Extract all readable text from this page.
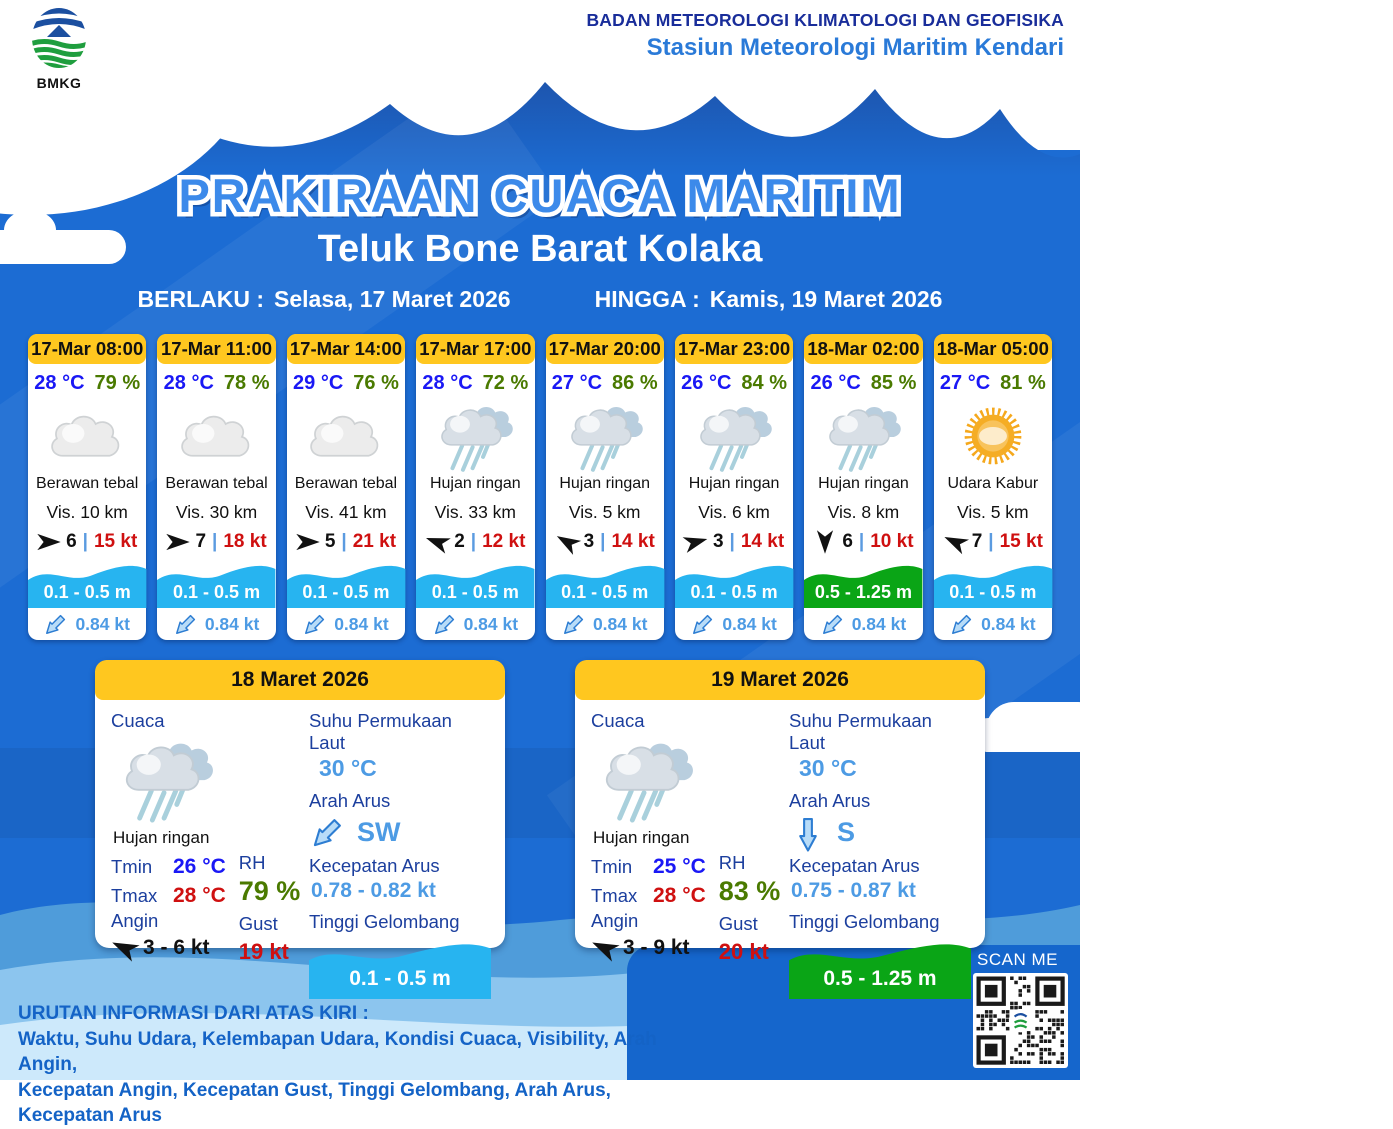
BMKG
BADAN METEOROLOGI KLIMATOLOGI DAN GEOFISIKA
Stasiun Meteorologi Maritim Kendari
PRAKIRAAN CUACA MARITIM PRAKIRAAN CUACA MARITIM
Teluk Bone Barat Kolaka
BERLAKU : Selasa, 17 Maret 2026	HINGGA : Kamis, 19 Maret 2026
17-Mar 08:00
28 °C 79 %
Berawan tebal
Vis. 10 km
6 | 15 kt
0.1 - 0.5 m
0.84 kt
17-Mar 11:00
28 °C 78 %
Berawan tebal
Vis. 30 km
7 | 18 kt
0.1 - 0.5 m
0.84 kt
17-Mar 14:00
29 °C 76 %
Berawan tebal
Vis. 41 km
5 | 21 kt
0.1 - 0.5 m
0.84 kt
17-Mar 17:00
28 °C 72 %
Hujan ringan
Vis. 33 km
2 | 12 kt
0.1 - 0.5 m
0.84 kt
17-Mar 20:00
27 °C 86 %
Hujan ringan
Vis. 5 km
3 | 14 kt
0.1 - 0.5 m
0.84 kt
17-Mar 23:00
26 °C 84 %
Hujan ringan
Vis. 6 km
3 | 14 kt
0.1 - 0.5 m
0.84 kt
18-Mar 02:00
26 °C 85 %
Hujan ringan
Vis. 8 km
6 | 10 kt
0.5 - 1.25 m
0.84 kt
18-Mar 05:00
27 °C 81 %
Udara Kabur
Vis. 5 km
7 | 15 kt
0.1 - 0.5 m
0.84 kt
18 Maret 2026
Cuaca
Hujan ringan
Tmin 26 °C
Tmax 28 °C
Angin
3 - 6 kt
RH
79 %
Gust
19 kt
Suhu Permukaan Laut
30 °C
Arah Arus
SW
Kecepatan Arus
0.78 - 0.82 kt
Tinggi Gelombang
0.1 - 0.5 m
19 Maret 2026
Cuaca
Hujan ringan
Tmin 25 °C
Tmax 28 °C
Angin
3 - 9 kt
RH
83 %
Gust
20 kt
Suhu Permukaan Laut
30 °C
Arah Arus
S
Kecepatan Arus
0.75 - 0.87 kt
Tinggi Gelombang
0.5 - 1.25 m
SCAN ME
URUTAN INFORMASI DARI ATAS KIRI :
Waktu, Suhu Udara, Kelembapan Udara, Kondisi Cuaca, Visibility, Arah Angin,
Kecepatan Angin, Kecepatan Gust, Tinggi Gelombang, Arah Arus, Kecepatan Arus
